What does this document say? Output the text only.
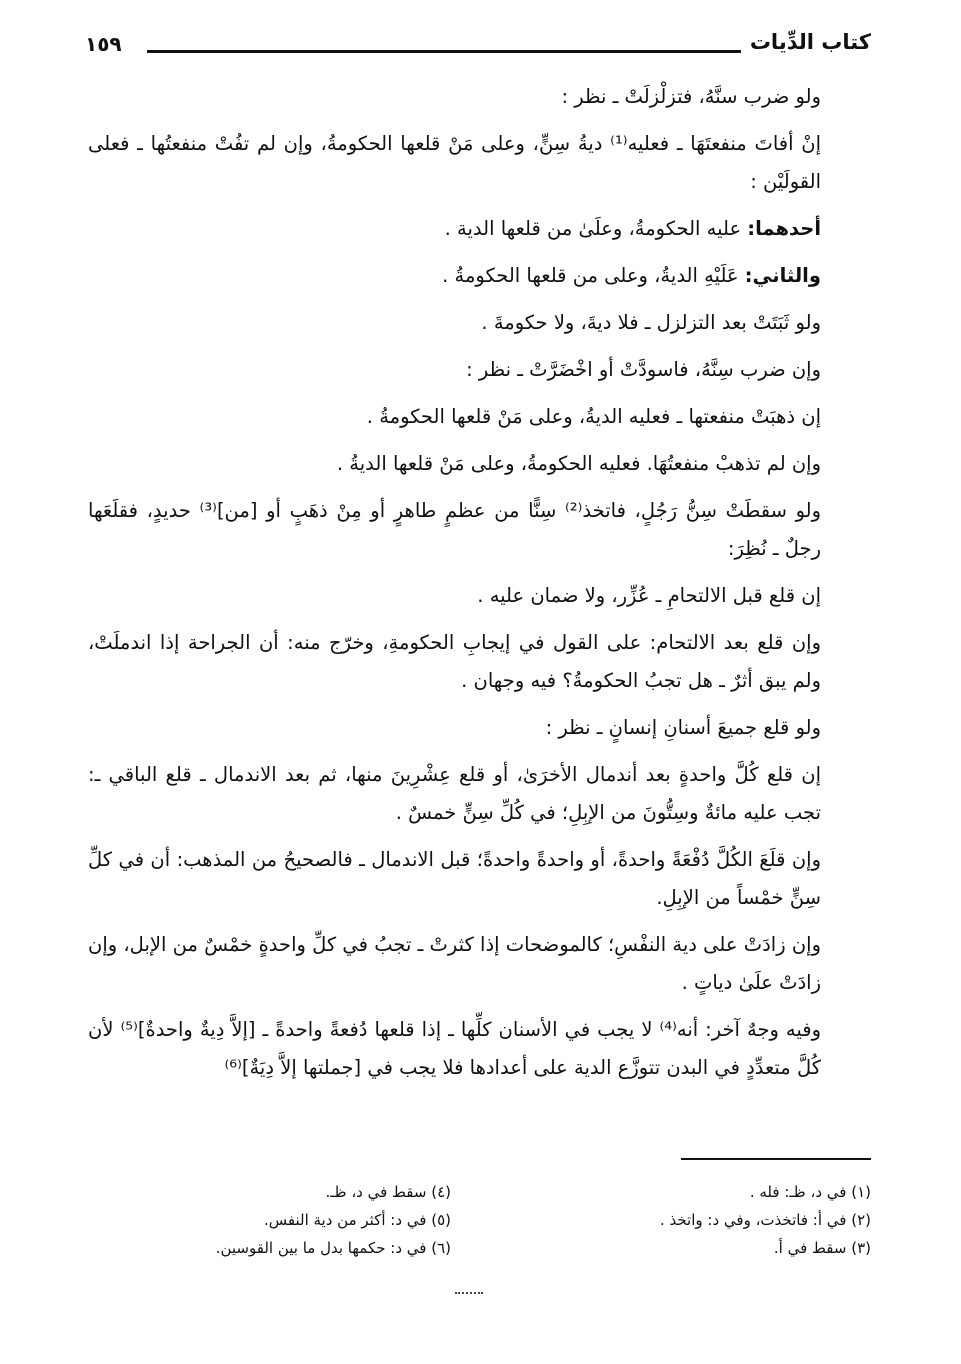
كتاب الدِّيات
١٥٩

ولو ضرب سنَّهُ، فتزلْزلَتْ ـ نظر :

إنْ أفاتَ منفعتَهَا ـ فعليه⁽¹⁾ ديةُ سِنٍّ، وعلى مَنْ قلعها الحكومةُ، وإن لم تفُتْ منفعتُها ـ فعلى القولَيْن :

أحدهما: عليه الحكومةُ، وعلَىٰ من قلعها الدية .

والثاني: عَلَيْهِ الديةُ، وعلى من قلعها الحكومةُ .

ولو ثَبَتَتْ بعد التزلزل ـ فلا ديةَ، ولا حكومةَ .

وإن ضرب سِنَّهُ، فاسودَّتْ أو اخْضَرَّتْ ـ نظر :

إن ذهبَتْ منفعتها ـ فعليه الديةُ، وعلى مَنْ قلعها الحكومةُ .

وإن لم تذهبْ منفعتُهَا. فعليه الحكومةُ، وعلى مَنْ قلعها الديةُ .

ولو سقطَتْ سِنُّ رَجُلٍ، فاتخذ⁽²⁾ سِنًّا من عظمٍ طاهرٍ أو مِنْ ذهَبٍ أو [من]⁽³⁾ حديدٍ، فقلَعَها رجلٌ ـ نُظِرَ:

إن قلع قبل الالتحامِ ـ عُزِّر، ولا ضمان عليه .

وإن قلع بعد الالتحام: على القول في إيجابِ الحكومةِ، وخرّج منه: أن الجراحة إذا اندملَتْ، ولم يبق أثرٌ ـ هل تجبُ الحكومةُ؟ فيه وجهان .

ولو قلع جميعَ أسنانِ إنسانٍ ـ نظر :

إن قلع كُلَّ واحدةٍ بعد أندمال الأخرَىٰ، أو قلع عِشْرِينَ منها، ثم بعد الاندمال ـ قلع الباقي ـ: تجب عليه مائةٌ وسِتُّونَ من الإبِلِ؛ في كُلِّ سِنٍّ خمسٌ .

وإن قلَعَ الكُلَّ دُفْعَةً واحدةً، أو واحدةً واحدةً؛ قبل الاندمال ـ فالصحيحُ من المذهب: أن في كلِّ سِنٍّ خمْساً من الإبِلِ.

وإن زادَتْ على دية النفْسِ؛ كالموضحات إذا كثرتْ ـ تجبُ في كلِّ واحدةٍ خمْسٌ من الإبل، وإن زادَتْ علَىٰ دياتٍ .

وفيه وجهٌ آخر: أنه⁽⁴⁾ لا يجب في الأسنان كلِّها ـ إذا قلعها دُفعةً واحدةً ـ [إلاَّ دِيةٌ واحدةٌ]⁽⁵⁾ لأن كُلَّ متعدِّدٍ في البدن تتوزَّع الدية على أعدادها فلا يجب في [جملتها إلاَّ دِيَةٌ]⁽⁶⁾

(١) في د، ظـ: فله .
(٢) في أ: فاتخذت، وفي د: واتخذ .
(٣) سقط في أ.
(٤) سقط في د، ظـ.
(٥) في د: أكثر من دية النفس.
(٦) في د: حكمها بدل ما بين القوسين.
